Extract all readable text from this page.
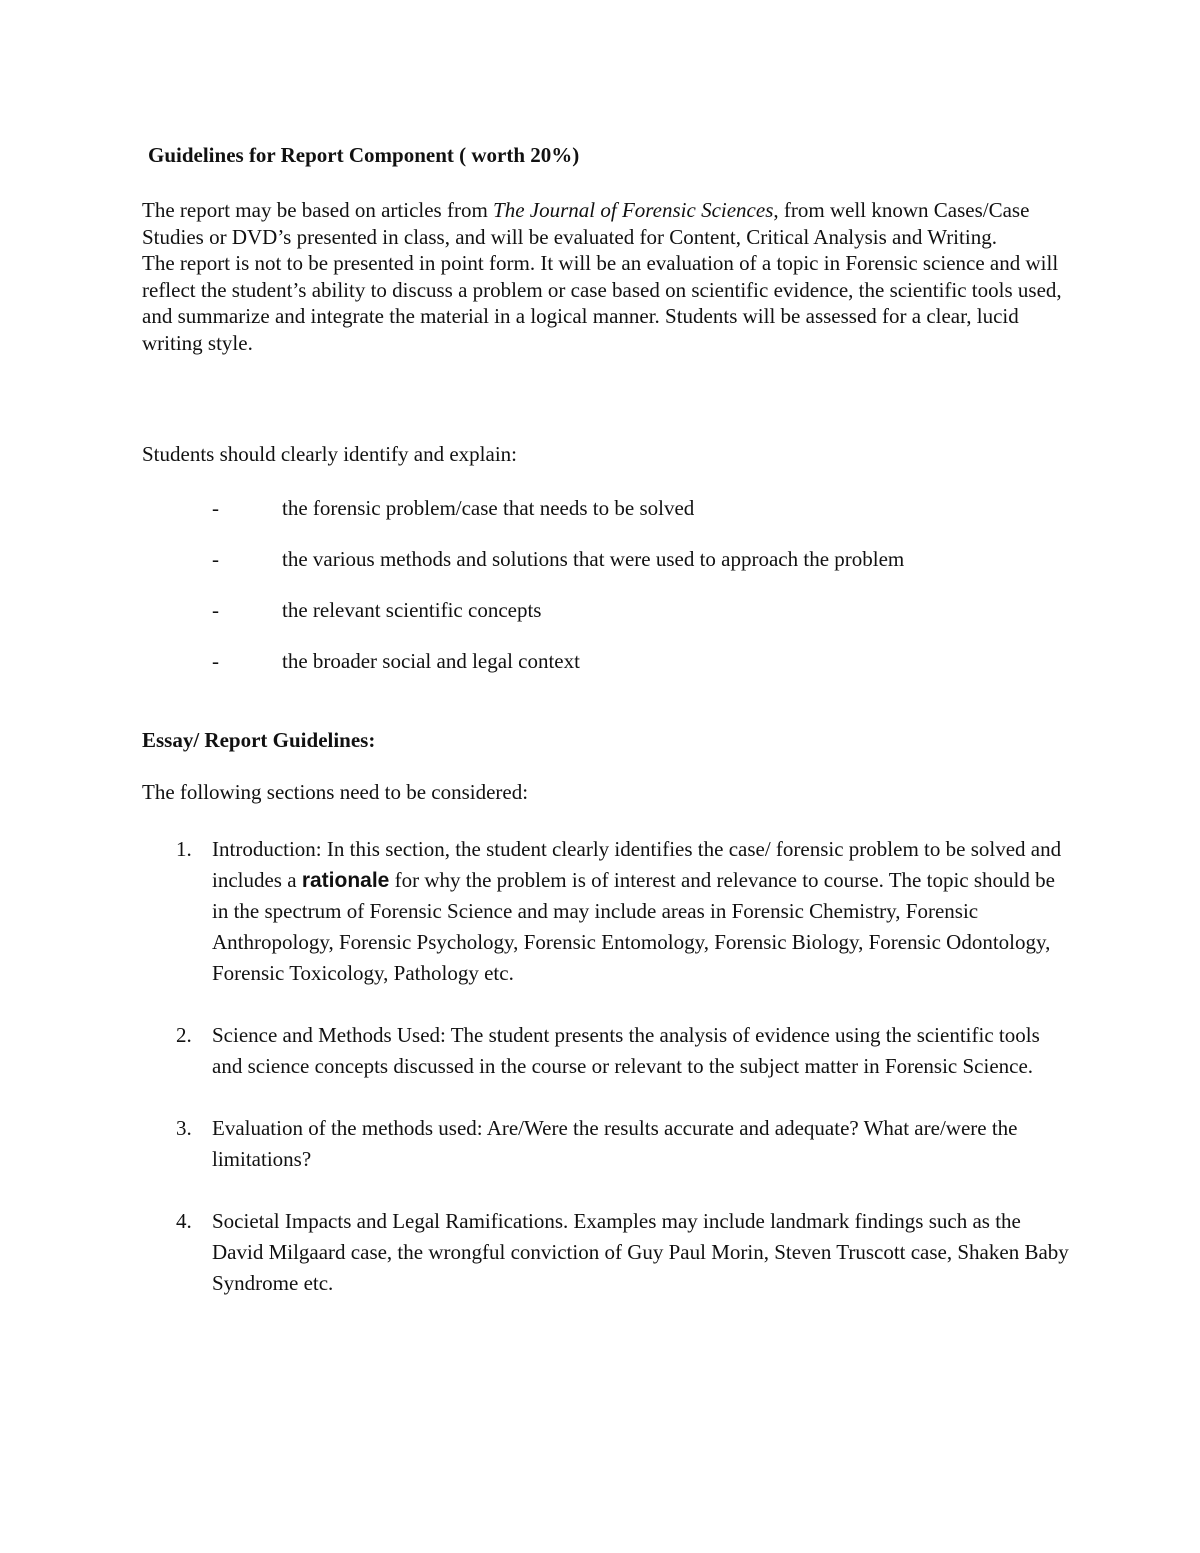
Guidelines for Report Component ( worth 20%)

The report may be based on articles from The Journal of Forensic Sciences, from well known Cases/Case Studies or DVD’s presented in class, and will be evaluated for Content, Critical Analysis and Writing.

The report is not to be presented in point form. It will be an evaluation of a topic in Forensic science and will reflect the student’s ability to discuss a problem or case based on scientific evidence, the scientific tools used, and summarize and integrate the material in a logical manner. Students will be assessed for a clear, lucid writing style.

Students should clearly identify and explain:
-	the forensic problem/case that needs to be solved
-	the various methods and solutions that were used to approach the problem
-	the relevant scientific concepts
-	the broader social and legal context
Essay/ Report Guidelines:
The following sections need to be considered:
1. Introduction: In this section, the student clearly identifies the case/ forensic problem to be solved and includes a rationale for why the problem is of interest and relevance to course. The topic should be in the spectrum of Forensic Science and may include areas in Forensic Chemistry, Forensic Anthropology, Forensic Psychology, Forensic Entomology, Forensic Biology, Forensic Odontology, Forensic Toxicology, Pathology etc.
2. Science and Methods Used: The student presents the analysis of evidence using the scientific tools and science concepts discussed in the course or relevant to the subject matter in Forensic Science.
3. Evaluation of the methods used: Are/Were the results accurate and adequate? What are/were the limitations?
4. Societal Impacts and Legal Ramifications. Examples may include landmark findings such as the David Milgaard case, the wrongful conviction of Guy Paul Morin, Steven Truscott case, Shaken Baby Syndrome etc.
